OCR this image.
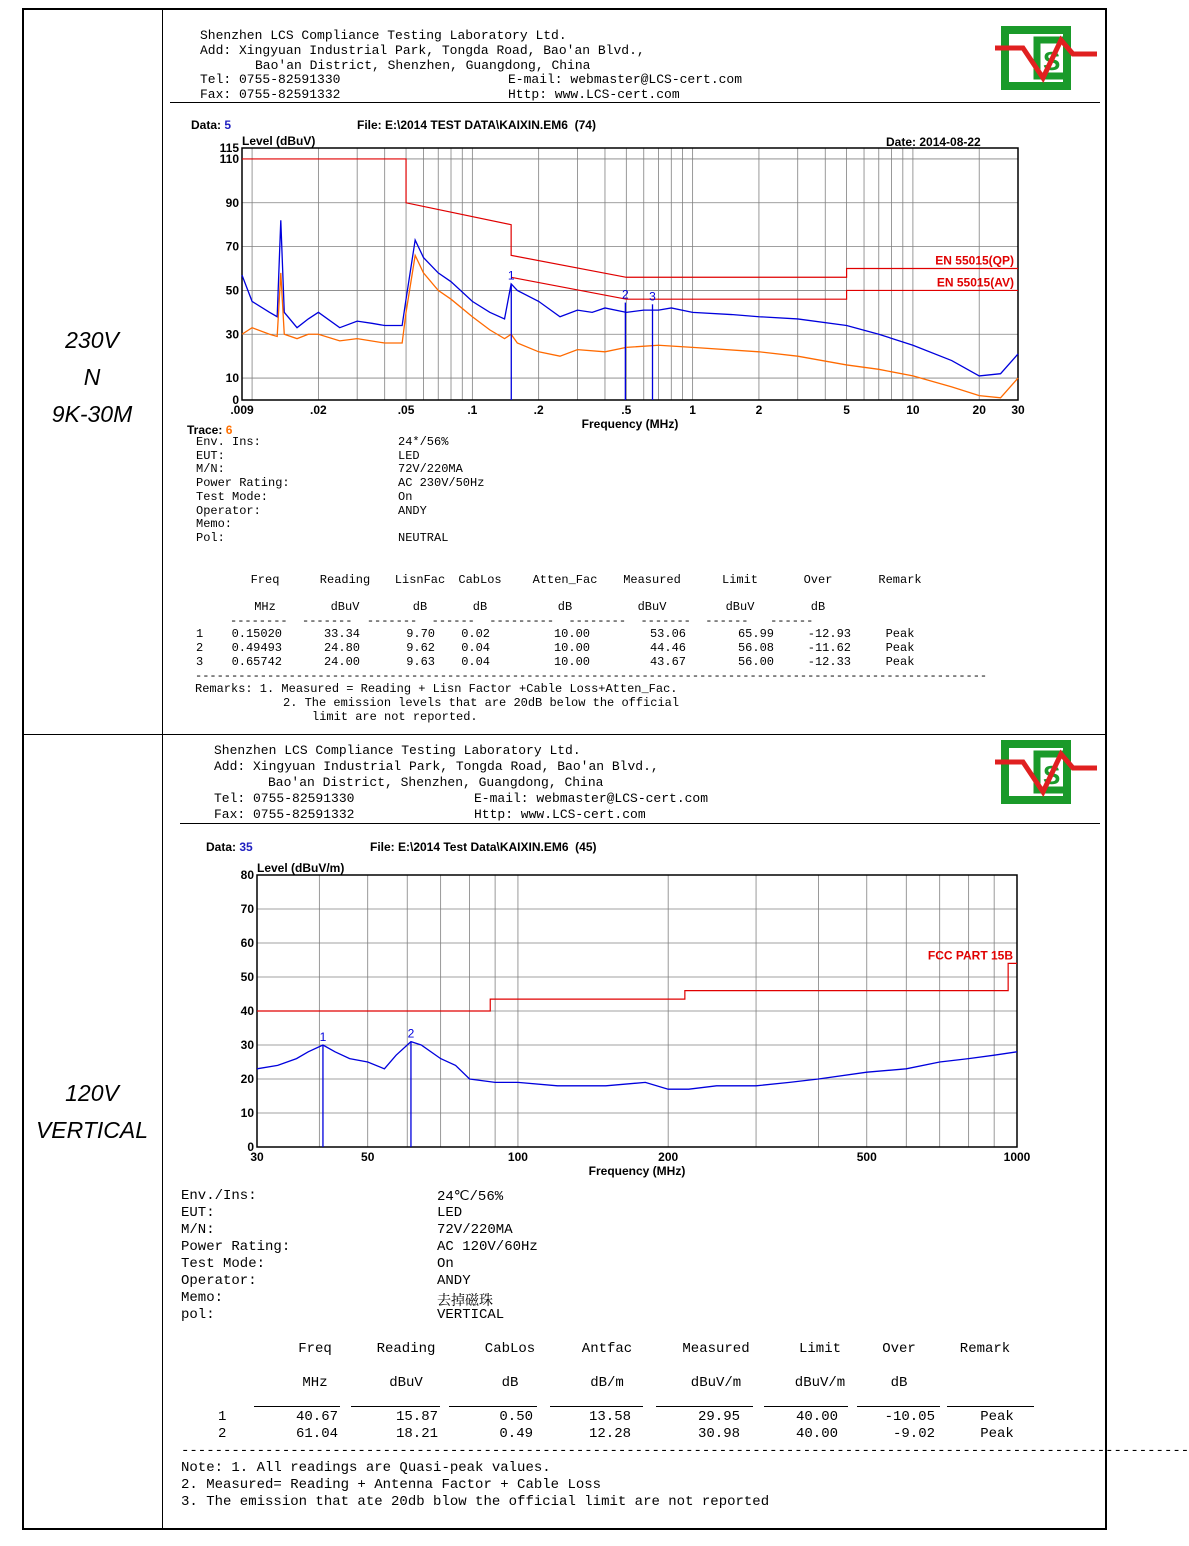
230V
N
9K-30M
120V
VERTICAL
Shenzhen LCS Compliance Testing Laboratory Ltd.
Add: Xingyuan Industrial Park, Tongda Road, Bao'an Blvd.,
Bao'an District, Shenzhen, Guangdong, China
Tel: 0755-82591330	E-mail: webmaster@LCS-cert.com
Fax: 0755-82591332	Http: www.LCS-cert.com
S
Data: 5	File: E:\2014 TEST DATA\KAIXIN.EM6  (74)
Date: 2014-08-22
0
10
30
50
70
90
110
115
.009	.02	.05	.1	.2	.5	1	2	5	10	20 30
Level (dBuV)
Frequency (MHz)
EN 55015(QP)
EN 55015(AV)
1
2 3
Trace: 6
Env. Ins:	24*/56%
EUT:	LED
M/N:	72V/220MA
Power Rating:	AC 230V/50Hz
Test Mode:	On
Operator:	ANDY
Memo:
Pol:	NEUTRAL
Freq	Reading LisnFac CabLos	Atten_Fac Measured	Limit	Over	Remark
MHz	dBuV	dB	dB	dB	dBuV	dBuV	dB
--------  -------  -------  ------  ---------  --------  -------  ------   ------
1 0.15020	33.34	9.70 0.02	10.00	53.06	65.99	-12.93	Peak
2 0.49493	24.80	9.62 0.04	10.00	44.46	56.08	-11.62	Peak
3 0.65742	24.00	9.63 0.04	10.00	43.67	56.00	-12.33	Peak
--------------------------------------------------------------------------------------------------------------
Remarks: 1. Measured = Reading + Lisn Factor +Cable Loss+Atten_Fac.
2. The emission levels that are 20dB below the official
limit are not reported.
Shenzhen LCS Compliance Testing Laboratory Ltd.
Add: Xingyuan Industrial Park, Tongda Road, Bao'an Blvd.,
Bao'an District, Shenzhen, Guangdong, China
Tel: 0755-82591330	E-mail: webmaster@LCS-cert.com
Fax: 0755-82591332	Http: www.LCS-cert.com
S
Data: 35	File: E:\2014 Test Data\KAIXIN.EM6  (45)
0
10
20
30
40
50
60
70
80
30	50	100	200	500	1000
Level (dBuV/m)
Frequency (MHz)
FCC PART 15B
1	2
Env./Ins:	24℃/56%
EUT:	LED
M/N:	72V/220MA
Power Rating:	AC 120V/60Hz
Test Mode:	On
Operator:	ANDY
Memo:	去掉磁珠
pol:	VERTICAL
Freq	Reading	CabLos	Antfac	Measured	Limit	Over	Remark
MHz	dBuV	dB	dB/m	dBuV/m	dBuV/m	dB
1	40.67	15.87	0.50	13.58	29.95	40.00	-10.05	Peak
2	61.04	18.21	0.49	12.28	30.98	40.00	-9.02	Peak
------------------------------------------------------------------------------------------------------------------------
Note: 1. All readings are Quasi-peak values.
2. Measured= Reading + Antenna Factor + Cable Loss
3. The emission that ate 20db blow the official limit are not reported
